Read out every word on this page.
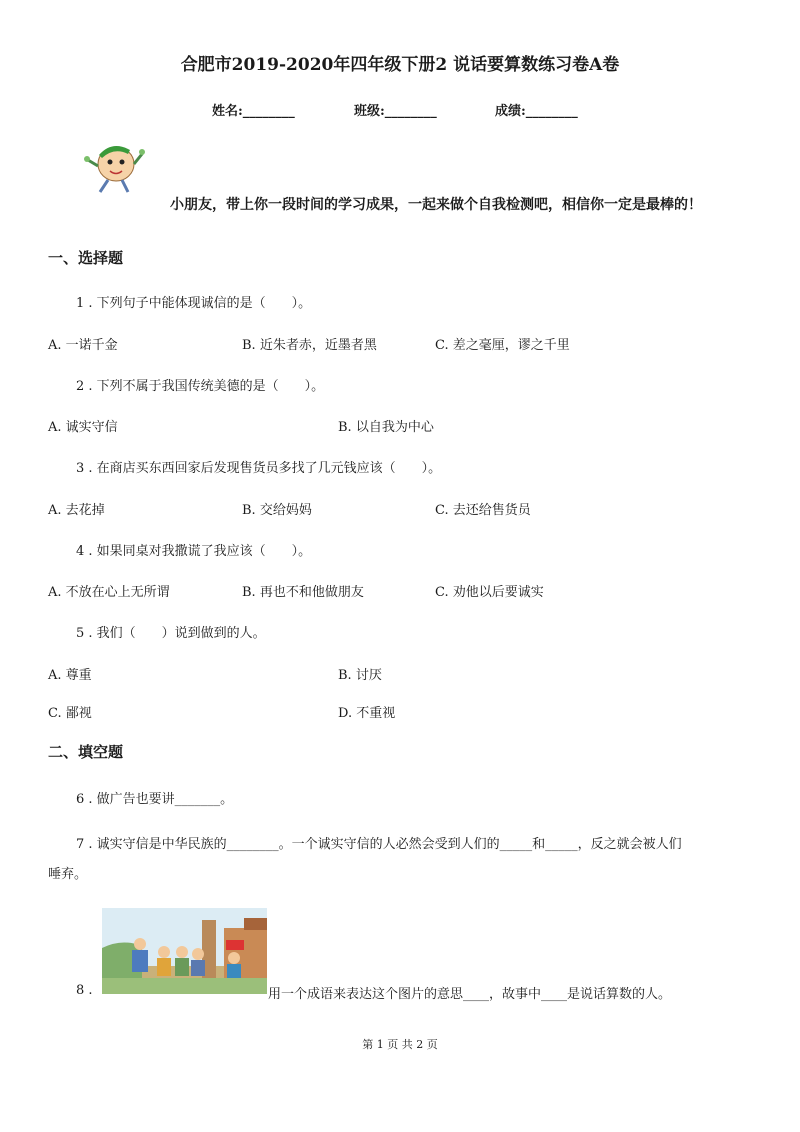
合肥市2019-2020年四年级下册2 说话要算数练习卷A卷
姓名:________	班级:________	成绩:________
小朋友，带上你一段时间的学习成果，一起来做个自我检测吧，相信你一定是最棒的！
一、选择题
1 . 下列句子中能体现诚信的是（　　）。
A. 一诺千金	B. 近朱者赤，近墨者黑	C. 差之毫厘，谬之千里
2 . 下列不属于我国传统美德的是（　　）。
A. 诚实守信	B. 以自我为中心
3 . 在商店买东西回家后发现售货员多找了几元钱应该（　　）。
A. 去花掉	B. 交给妈妈	C. 去还给售货员
4 . 如果同桌对我撒谎了我应该（　　）。
A. 不放在心上无所谓	B. 再也不和他做朋友	C. 劝他以后要诚实
5 . 我们（　　）说到做到的人。
A. 尊重	B. 讨厌
C. 鄙视	D. 不重视
二、填空题
6 . 做广告也要讲_______。
7 . 诚实守信是中华民族的________。一个诚实守信的人必然会受到人们的_____和_____，反之就会被人们
唾弃。
8 .	用一个成语来表达这个图片的意思____，故事中____是说话算数的人。
第 1 页 共 2 页
